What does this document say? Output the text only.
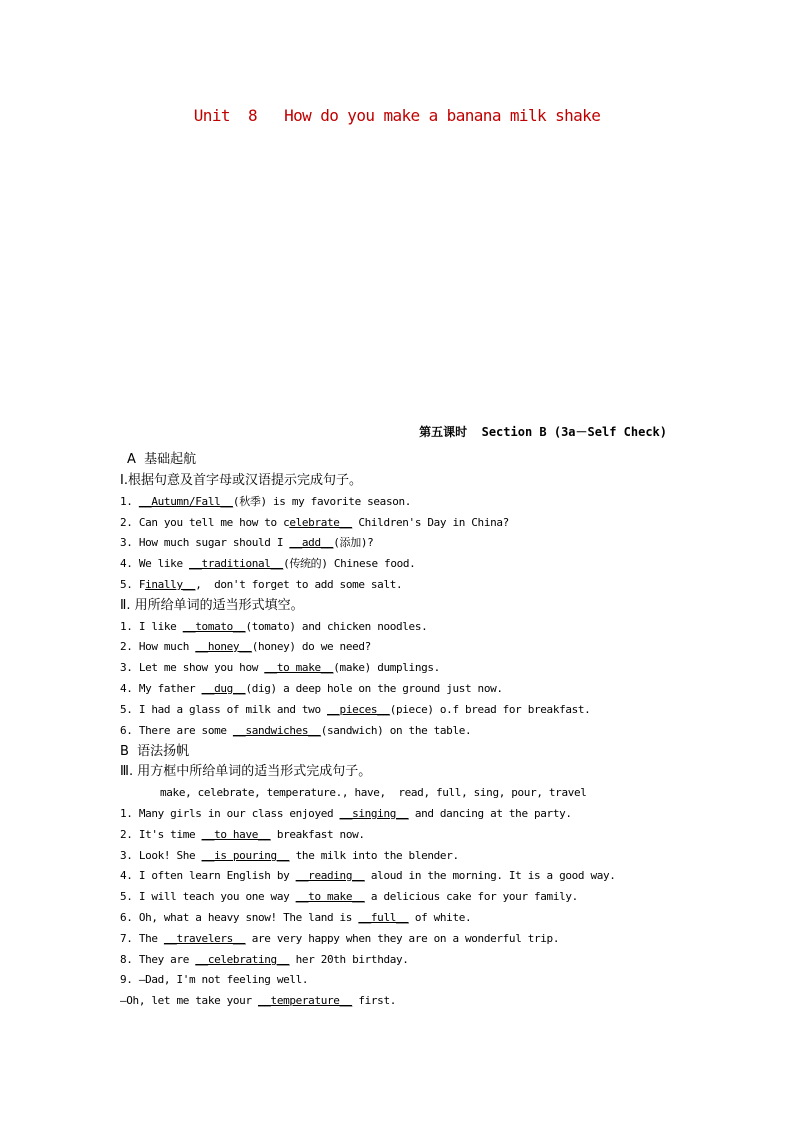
Unit  8   How do you make a banana milk shake
第五课时  Section B (3a－Self Check)
A  基础起航
Ⅰ.根据句意及首字母或汉语提示完成句子。
1. __Autumn/Fall__(秋季) is my favorite season.
2. Can you tell me how to celebrate__ Children's Day in China?
3. How much sugar should I __add__(添加)?
4. We like __traditional__(传统的) Chinese food.
5. Finally__,  don't forget to add some salt.
Ⅱ. 用所给单词的适当形式填空。
1. I like __tomato__(tomato) and chicken noodles.
2. How much __honey__(honey) do we need?
3. Let me show you how __to make__(make) dumplings.
4. My father __dug__(dig) a deep hole on the ground just now.
5. I had a glass of milk and two __pieces__(piece) o.f bread for breakfast.
6. There are some __sandwiches__(sandwich) on the table.
B  语法扬帆
Ⅲ. 用方框中所给单词的适当形式完成句子。
make, celebrate, temperature., have,  read, full, sing, pour, travel
1. Many girls in our class enjoyed __singing__ and dancing at the party.
2. It's time __to have__ breakfast now.
3. Look! She __is pouring__ the milk into the blender.
4. I often learn English by __reading__ aloud in the morning. It is a good way.
5. I will teach you one way __to make__ a delicious cake for your family.
6. Oh, what a heavy snow! The land is __full__ of white.
7. The __travelers__ are very happy when they are on a wonderful trip.
8. They are __celebrating__ her 20th birthday.
9. —Dad, I'm not feeling well.
—Oh, let me take your __temperature__ first.
